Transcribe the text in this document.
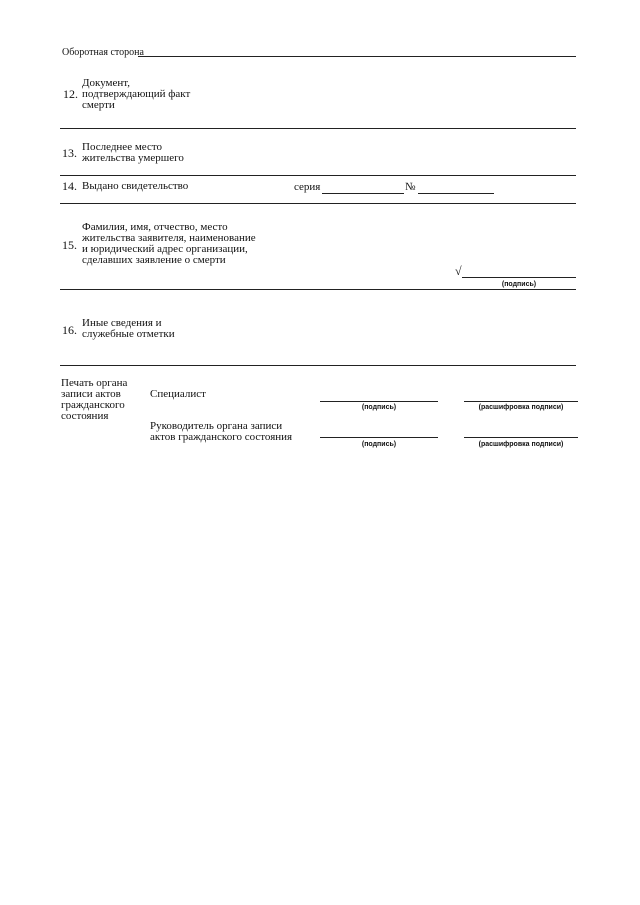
Оборотная сторона
12.
Документ,
подтверждающий факт
смерти
13. Последнее место
жительства умершего
14. Выдано свидетельство	серия	№
15.
Фамилия, имя, отчество, место
жительства заявителя, наименование
и юридический адрес организации,
сделавших заявление о смерти
√
(подпись)
16. Иные сведения и
служебные отметки
Печать органа
записи актов
гражданского
состояния
Специалист
(подпись)	(расшифровка подписи)
Руководитель органа записи
актов гражданского состояния
(подпись)	(расшифровка подписи)
